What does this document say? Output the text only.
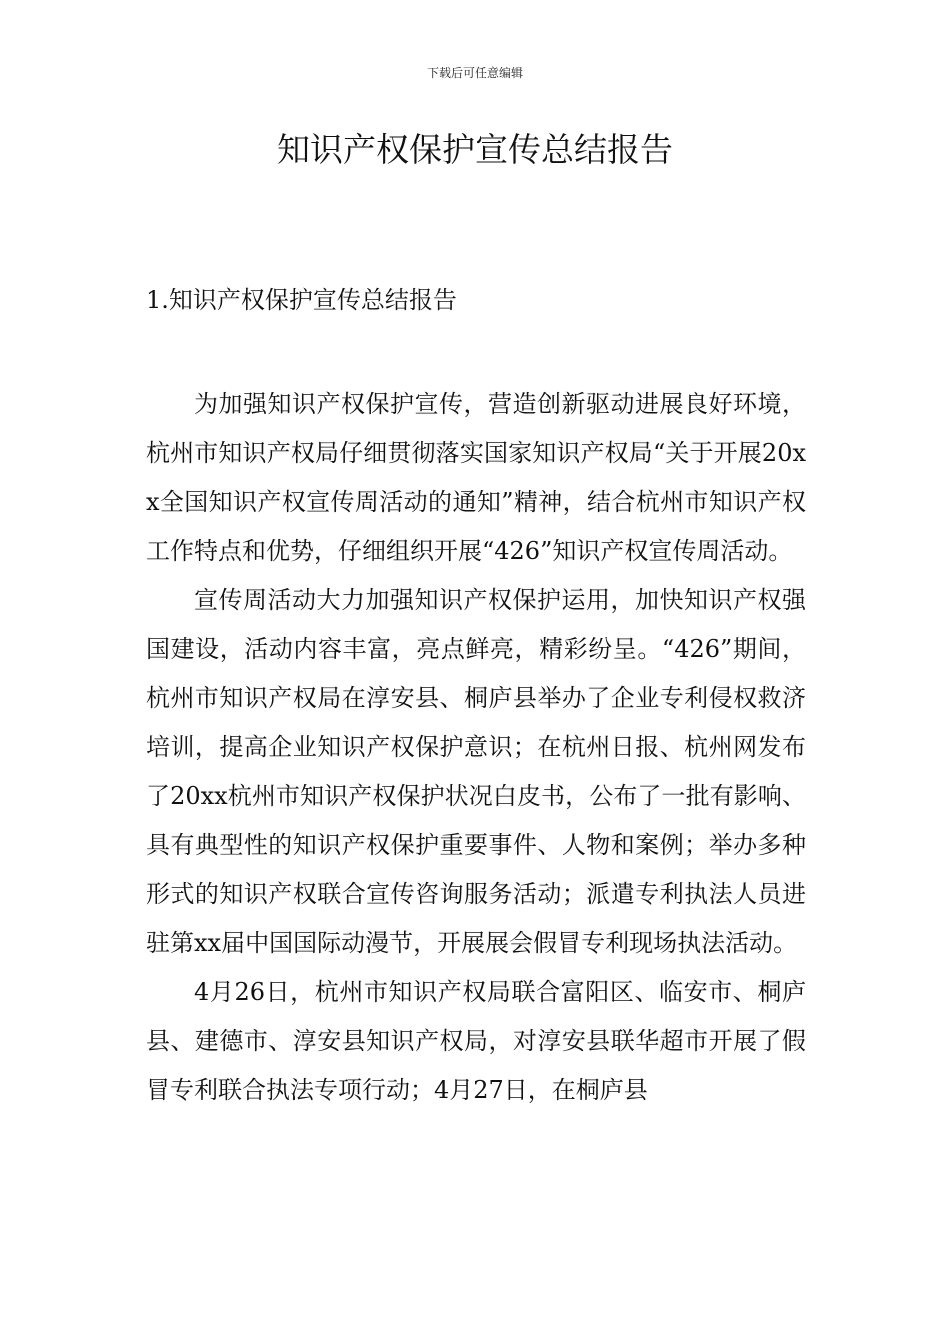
下载后可任意编辑
知识产权保护宣传总结报告
1.知识产权保护宣传总结报告

为加强知识产权保护宣传，营造创新驱动进展良好环境，杭州市知识产权局仔细贯彻落实国家知识产权局“关于开展20xx全国知识产权宣传周活动的通知”精神，结合杭州市知识产权工作特点和优势，仔细组织开展“426”知识产权宣传周活动。

宣传周活动大力加强知识产权保护运用，加快知识产权强国建设，活动内容丰富，亮点鲜亮，精彩纷呈。“426”期间，杭州市知识产权局在淳安县、桐庐县举办了企业专利侵权救济培训，提高企业知识产权保护意识；在杭州日报、杭州网发布了20xx杭州市知识产权保护状况白皮书，公布了一批有影响、具有典型性的知识产权保护重要事件、人物和案例；举办多种形式的知识产权联合宣传咨询服务活动；派遣专利执法人员进驻第xx届中国国际动漫节，开展展会假冒专利现场执法活动。

4月26日，杭州市知识产权局联合富阳区、临安市、桐庐县、建德市、淳安县知识产权局，对淳安县联华超市开展了假冒专利联合执法专项行动；4月27日，在桐庐县
